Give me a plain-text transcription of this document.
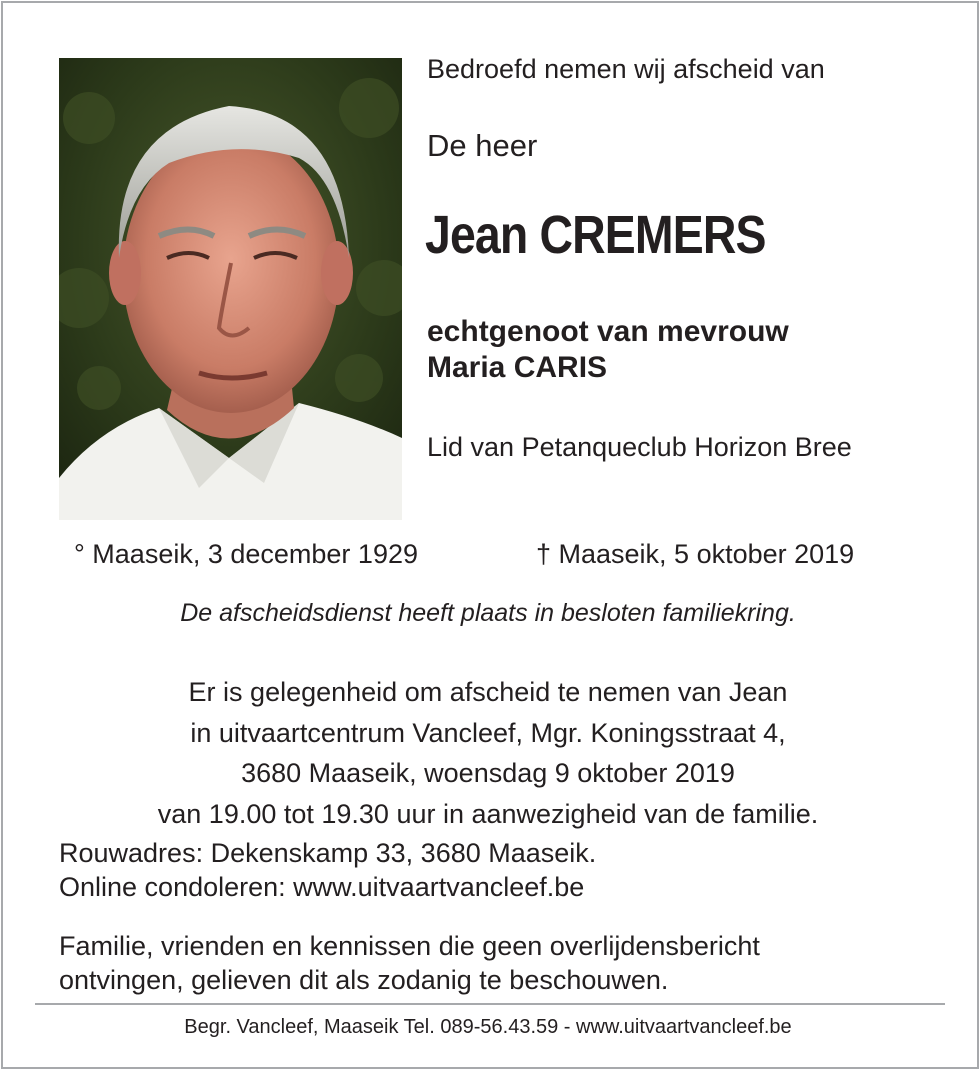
Bedroefd nemen wij afscheid van
De heer
Jean CREMERS
echtgenoot van mevrouw
Maria CARIS
Lid van Petanqueclub Horizon Bree
° Maaseik, 3 december 1929	† Maaseik, 5 oktober 2019
De afscheidsdienst heeft plaats in besloten familiekring.
Er is gelegenheid om afscheid te nemen van Jean
in uitvaartcentrum Vancleef, Mgr. Koningsstraat 4,
3680 Maaseik, woensdag 9 oktober 2019
van 19.00 tot 19.30 uur in aanwezigheid van de familie.
Rouwadres: Dekenskamp 33, 3680 Maaseik.
Online condoleren: www.uitvaartvancleef.be
Familie, vrienden en kennissen die geen overlijdensbericht
ontvingen, gelieven dit als zodanig te beschouwen.
Begr. Vancleef, Maaseik Tel. 089-56.43.59 - www.uitvaartvancleef.be
